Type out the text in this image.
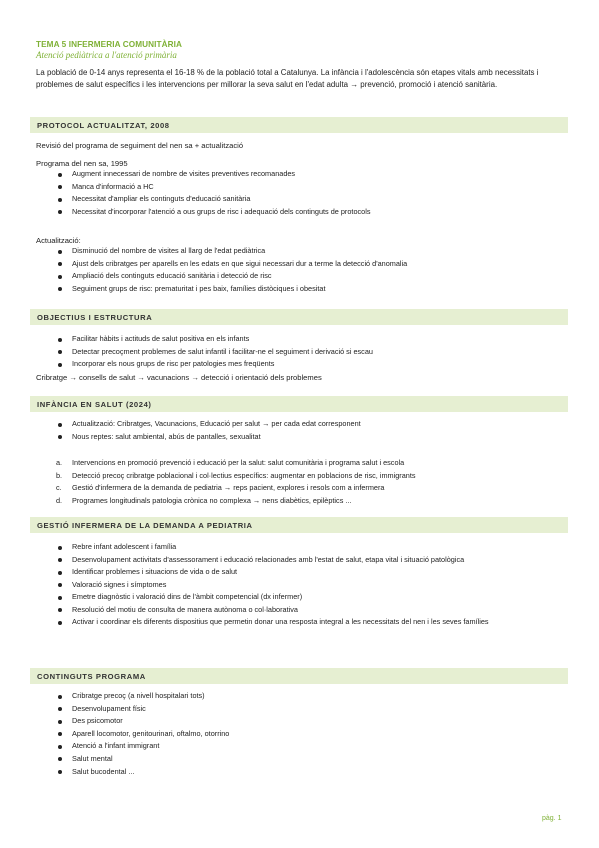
TEMA 5 INFERMERIA COMUNITÀRIA
Atenció pediàtrica a l'atenció primària
La població de 0-14 anys representa el 16-18 % de la població total a Catalunya. La infància i l'adolescència són etapes vitals amb necessitats i problemes de salut específics i les intervencions per millorar la seva salut en l'edat adulta → prevenció, promoció i atenció sanitària.
PROTOCOL ACTUALITZAT, 2008
Revisió del programa de seguiment del nen sa + actualització
Programa del nen sa, 1995
Augment innecessari de nombre de visites preventives recomanades
Manca d'informació a HC
Necessitat d'ampliar els continguts d'educació sanitària
Necessitat d'incorporar l'atenció a ous grups de risc i adequació dels continguts de protocols
Actualització:
Disminució del nombre de visites al llarg de l'edat pediàtrica
Ajust dels cribratges per aparells en les edats en que sigui necessari dur a terme la detecció d'anomalia
Ampliació dels continguts educació sanitària i detecció de risc
Seguiment grups de risc: prematuritat i pes baix, famílies distòciques i obesitat
OBJECTIUS I ESTRUCTURA
Facilitar hàbits i actituds de salut positiva en els infants
Detectar precoçment problemes de salut infantil i facilitar-ne el seguiment i derivació si escau
Incorporar els nous grups de risc per patologies mes freqüents
Cribratge → consells de salut → vacunacions → detecció i orientació dels problemes
INFÀNCIA EN SALUT (2024)
Actualització: Cribratges, Vacunacions, Educació per salut → per cada edat corresponent
Nous reptes: salut ambiental, abús de pantalles, sexualitat
a. Intervencions en promoció prevenció i educació per la salut: salut comunitària i programa salut i escola
b. Detecció precoç cribratge poblacional i col·lectius específics: augmentar en poblacions de risc, immigrants
c. Gestió d'infermera de la demanda de pediatria → reps pacient, explores i resols com a infermera
d. Programes longitudinals patologia crònica no complexa → nens diabètics, epilèptics ...
GESTIÓ INFERMERA DE LA DEMANDA A PEDIATRIA
Rebre infant adolescent i família
Desenvolupament activitats d'assessorament i educació relacionades amb l'estat de salut, etapa vital i situació patològica
Identificar problemes i situacions de vida o de salut
Valoració signes i símptomes
Emetre diagnòstic i valoració dins de l'àmbit competencial (dx infermer)
Resolució del motiu de consulta de manera autònoma o col·laborativa
Activar i coordinar els diferents dispositius que permetin donar una resposta integral a les necessitats del nen i les seves famílies
CONTINGUTS PROGRAMA
Cribratge precoç (a nivell hospitalari tots)
Desenvolupament físic
Des psicomotor
Aparell locomotor, genitourinari, oftalmo, otorrino
Atenció a l'infant immigrant
Salut mental
Salut bucodental ...
pàg. 1
